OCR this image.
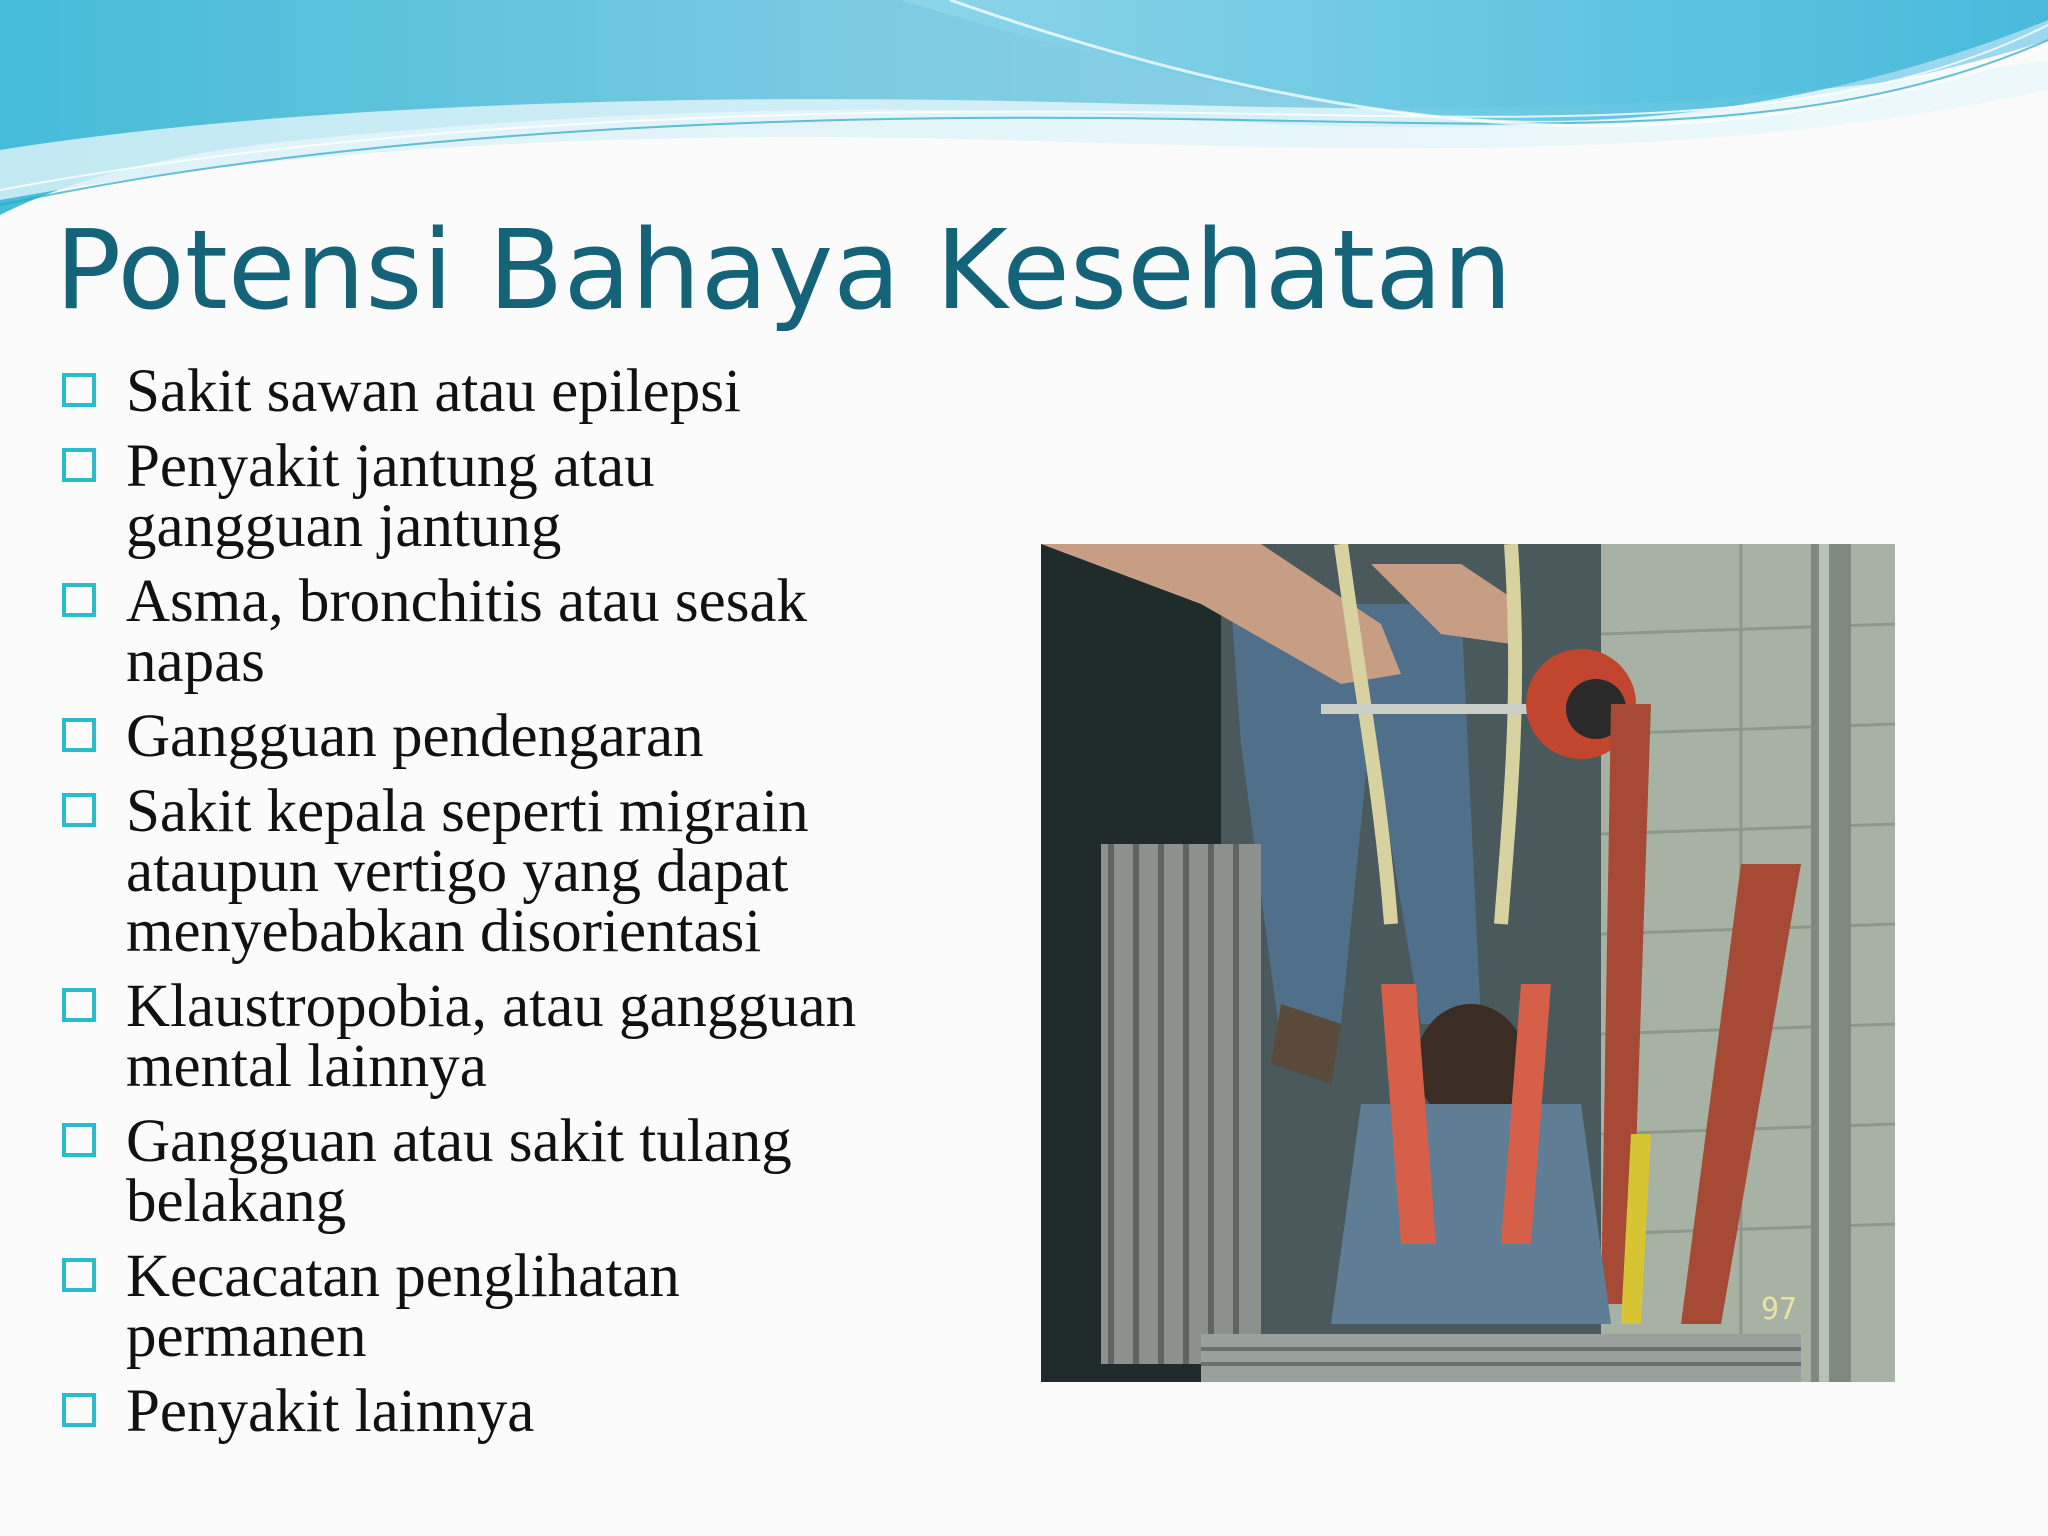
Potensi Bahaya Kesehatan
Sakit sawan atau epilepsi
Penyakit jantung atau
gangguan jantung
Asma, bronchitis atau sesak
napas
Gangguan pendengaran
Sakit kepala seperti migrain
ataupun vertigo yang dapat
menyebabkan disorientasi
Klaustropobia, atau gangguan
mental lainnya
Gangguan atau sakit tulang
belakang
Kecacatan penglihatan
permanen
Penyakit lainnya
97
